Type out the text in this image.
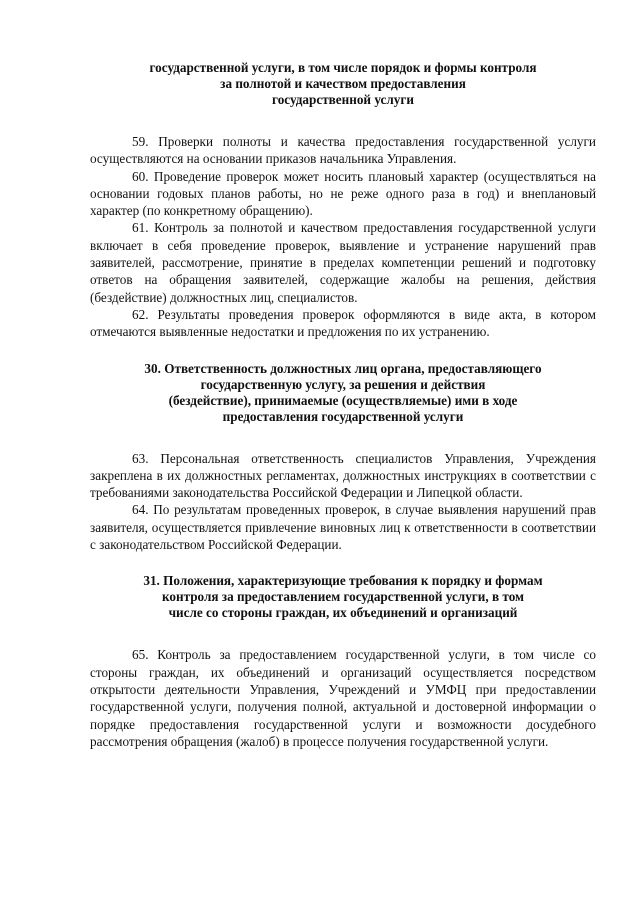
государственной услуги, в том числе порядок и формы контроля
за полнотой и качеством предоставления
государственной услуги

59. Проверки полноты и качества предоставления государственной услуги осуществляются на основании приказов начальника Управления.

60. Проведение проверок может носить плановый характер (осуществляться на основании годовых планов работы, но не реже одного раза в год) и внеплановый характер (по конкретному обращению).

61. Контроль за полнотой и качеством предоставления государственной услуги включает в себя проведение проверок, выявление и устранение нарушений прав заявителей, рассмотрение, принятие в пределах компетенции решений и подготовку ответов на обращения заявителей, содержащие жалобы на решения, действия (бездействие) должностных лиц, специалистов.

62. Результаты проведения проверок оформляются в виде акта, в котором отмечаются выявленные недостатки и предложения по их устранению.

30. Ответственность должностных лиц органа, предоставляющего
государственную услугу, за решения и действия
(бездействие), принимаемые (осуществляемые) ими в ходе
предоставления государственной услуги

63. Персональная ответственность специалистов Управления, Учреждения закреплена в их должностных регламентах, должностных инструкциях в соответствии с требованиями законодательства Российской Федерации и Липецкой области.

64. По результатам проведенных проверок, в случае выявления нарушений прав заявителя, осуществляется привлечение виновных лиц к ответственности в соответствии с законодательством Российской Федерации.

31. Положения, характеризующие требования к порядку и формам
контроля за предоставлением государственной услуги, в том
числе со стороны граждан, их объединений и организаций

65. Контроль за предоставлением государственной услуги, в том числе со стороны граждан, их объединений и организаций осуществляется посредством открытости деятельности Управления, Учреждений и УМФЦ при предоставлении государственной услуги, получения полной, актуальной и достоверной информации о порядке предоставления государственной услуги и возможности досудебного рассмотрения обращения (жалоб) в процессе получения государственной услуги.
